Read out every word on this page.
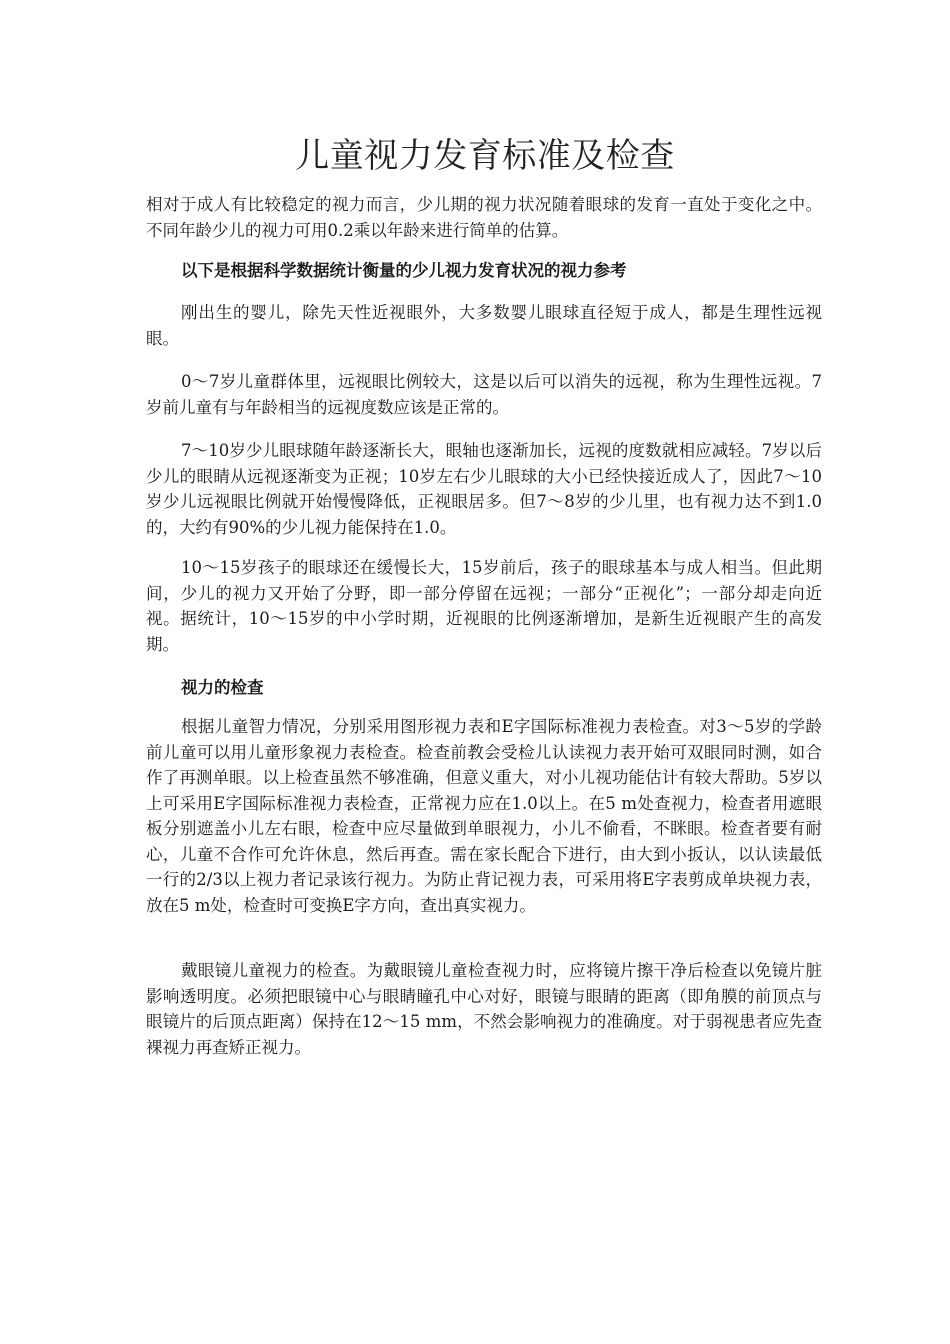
儿童视力发育标准及检查

相对于成人有比较稳定的视力而言，少儿期的视力状况随着眼球的发育一直处于变化之中。不同年龄少儿的视力可用0.2乘以年龄来进行简单的估算。

以下是根据科学数据统计衡量的少儿视力发育状况的视力参考

刚出生的婴儿，除先天性近视眼外，大多数婴儿眼球直径短于成人，都是生理性远视眼。

0～7岁儿童群体里，远视眼比例较大，这是以后可以消失的远视，称为生理性远视。7岁前儿童有与年龄相当的远视度数应该是正常的。

7～10岁少儿眼球随年龄逐渐长大，眼轴也逐渐加长，远视的度数就相应减轻。7岁以后少儿的眼睛从远视逐渐变为正视；10岁左右少儿眼球的大小已经快接近成人了，因此7～10岁少儿远视眼比例就开始慢慢降低，正视眼居多。但7～8岁的少儿里，也有视力达不到1.0的，大约有90%的少儿视力能保持在1.0。

10～15岁孩子的眼球还在缓慢长大，15岁前后，孩子的眼球基本与成人相当。但此期间，少儿的视力又开始了分野，即一部分停留在远视；一部分“正视化”；一部分却走向近视。据统计，10～15岁的中小学时期，近视眼的比例逐渐增加，是新生近视眼产生的高发期。

视力的检查

根据儿童智力情况，分别采用图形视力表和E字国际标准视力表检查。对3～5岁的学龄前儿童可以用儿童形象视力表检查。检查前教会受检儿认读视力表开始可双眼同时测，如合作了再测单眼。以上检查虽然不够准确，但意义重大，对小儿视功能估计有较大帮助。5岁以上可采用E字国际标准视力表检查，正常视力应在1.0以上。在5 m处查视力，检查者用遮眼板分别遮盖小儿左右眼，检查中应尽量做到单眼视力，小儿不偷看，不眯眼。检查者要有耐心，儿童不合作可允许休息，然后再查。需在家长配合下进行，由大到小扳认，以认读最低一行的2/3以上视力者记录该行视力。为防止背记视力表，可采用将E字表剪成单块视力表，放在5 m处，检查时可变换E字方向，查出真实视力。

戴眼镜儿童视力的检查。为戴眼镜儿童检查视力时，应将镜片擦干净后检查以免镜片脏影响透明度。必须把眼镜中心与眼睛瞳孔中心对好，眼镜与眼睛的距离（即角膜的前顶点与眼镜片的后顶点距离）保持在12～15 mm，不然会影响视力的准确度。对于弱视患者应先查裸视力再查矫正视力。
